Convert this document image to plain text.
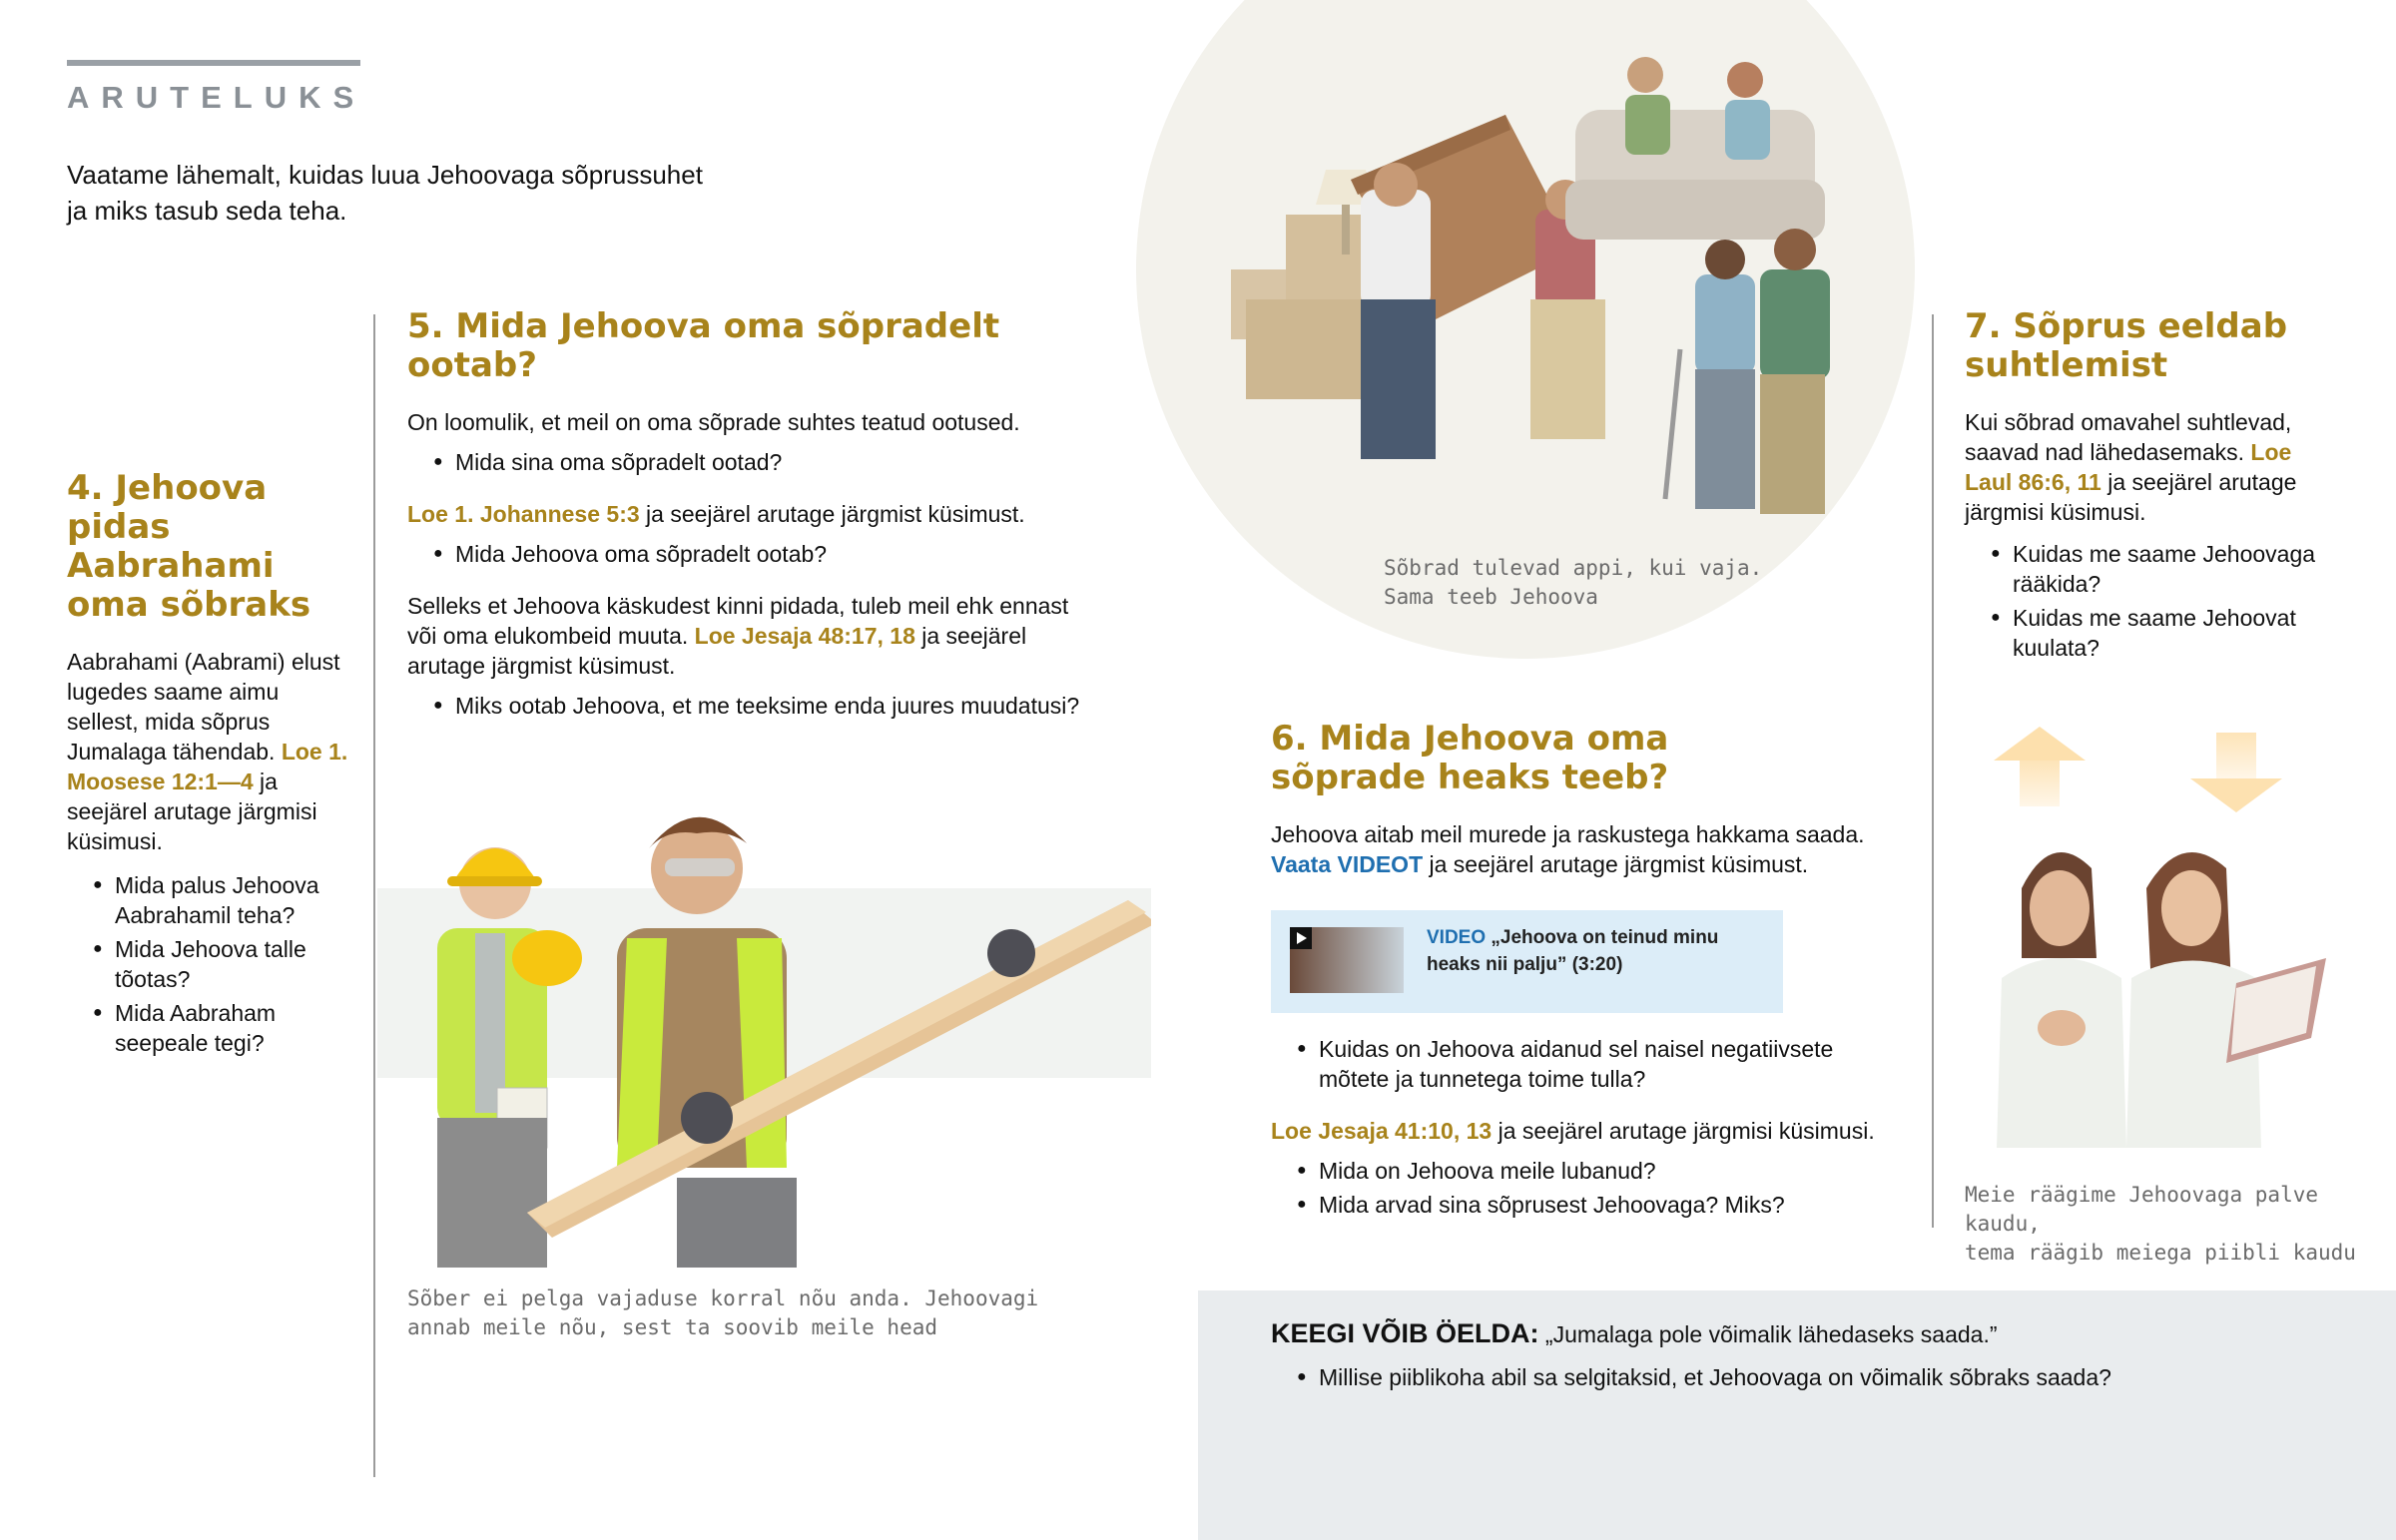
ARUTELUKS
Vaatame lähemalt, kuidas luua Jehoovaga sõprussuhet
ja miks tasub seda teha.
4. Jehoova pidas Aabrahami oma sõbraks

Aabrahami (Aabrami) elust lugedes saame aimu sellest, mida sõprus Jumalaga tähendab. Loe 1. Moosese 12:1—4 ja seejärel arutage järgmisi küsimusi.

● Mida palus Jehoova Aabrahamil teha?
● Mida Jehoova talle tõotas?
● Mida Aabraham seepeale tegi?
5. Mida Jehoova oma sõpradelt ootab?

On loomulik, et meil on oma sõprade suhtes teatud ootused.

● Mida sina oma sõpradelt ootad?

Loe 1. Johannese 5:3 ja seejärel arutage järgmist küsimust.

● Mida Jehoova oma sõpradelt ootab?

Selleks et Jehoova käskudest kinni pidada, tuleb meil ehk ennast või oma elukombeid muuta. Loe Jesaja 48:17, 18 ja seejärel arutage järgmist küsimust.

● Miks ootab Jehoova, et me teeksime enda juures muudatusi?
Sõber ei pelga vajaduse korral nõu anda. Jehoovagi annab meile nõu, sest ta soovib meile head
Sõbrad tulevad appi, kui vaja.
Sama teeb Jehoova
6. Mida Jehoova oma
sõprade heaks teeb?

Jehoova aitab meil murede ja raskustega hakkama saada.

Vaata VIDEOT ja seejärel arutage järgmist küsimust.

VIDEO „Jehoova on teinud minu heaks nii palju” (3:20)
● Kuidas on Jehoova aidanud sel naisel negatiivsete mõtete ja tunnetega toime tulla?

Loe Jesaja 41:10, 13 ja seejärel arutage järgmisi küsimusi.

● Mida on Jehoova meile lubanud?
● Mida arvad sina sõprusest Jehoovaga? Miks?
7. Sõprus eeldab
suhtlemist

Kui sõbrad omavahel suhtlevad, saavad nad lähedasemaks. Loe Laul 86:6, 11 ja seejärel arutage järgmisi küsimusi.

● Kuidas me saame Jehoovaga rääkida?
● Kuidas me saame Jehoovat kuulata?
Meie räägime Jehoovaga palve kaudu,
tema räägib meiega piibli kaudu
KEEGI VÕIB ÖELDA: „Jumalaga pole võimalik lähedaseks saada.”
● Millise piiblikoha abil sa selgitaksid, et Jehoovaga on võimalik sõbraks saada?
